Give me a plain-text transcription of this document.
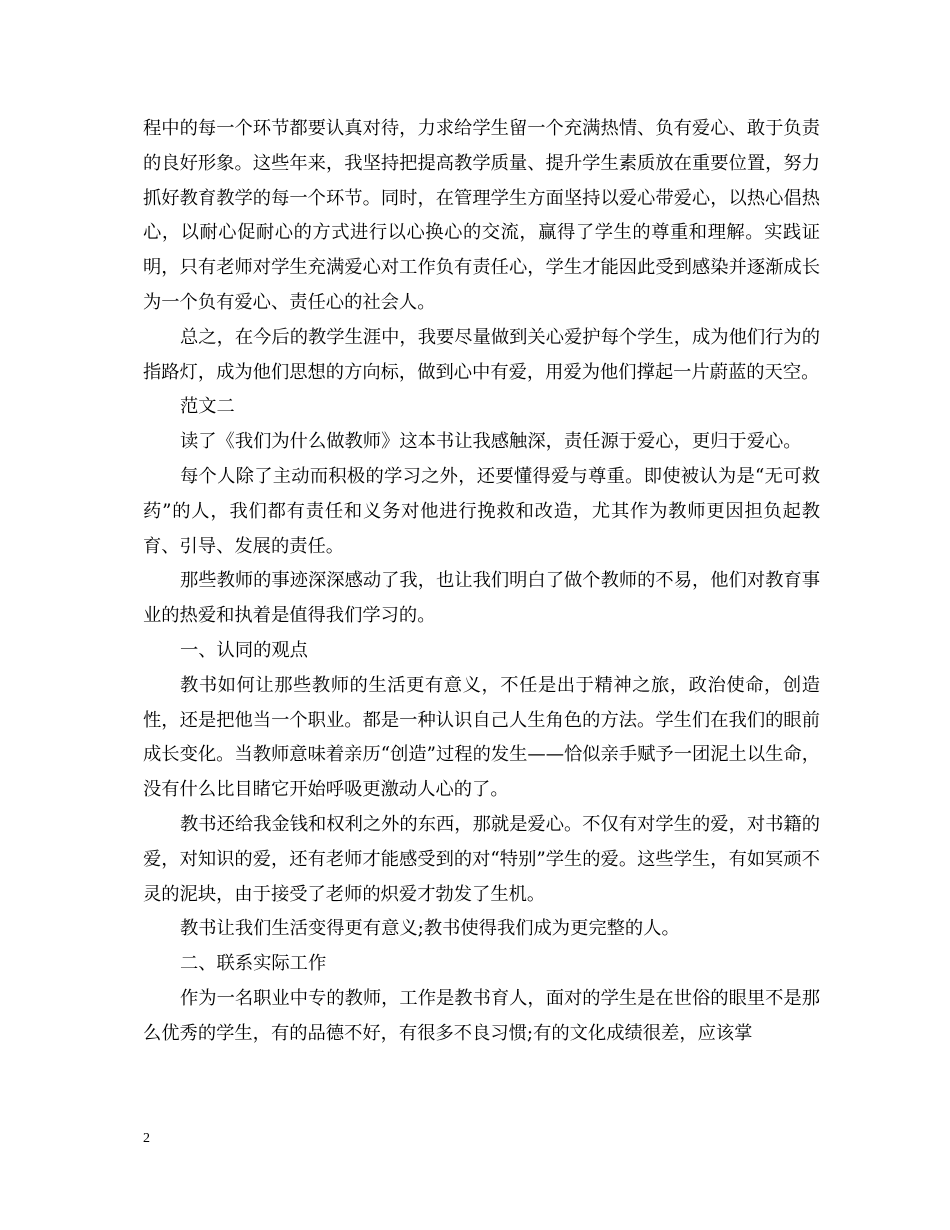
程中的每一个环节都要认真对待，力求给学生留一个充满热情、负有爱心、敢于负责的良好形象。这些年来，我坚持把提高教学质量、提升学生素质放在重要位置，努力抓好教育教学的每一个环节。同时，在管理学生方面坚持以爱心带爱心，以热心倡热心，以耐心促耐心的方式进行以心换心的交流，赢得了学生的尊重和理解。实践证明，只有老师对学生充满爱心对工作负有责任心，学生才能因此受到感染并逐渐成长为一个负有爱心、责任心的社会人。

总之，在今后的教学生涯中，我要尽量做到关心爱护每个学生，成为他们行为的指路灯，成为他们思想的方向标，做到心中有爱，用爱为他们撑起一片蔚蓝的天空。

范文二

读了《我们为什么做教师》这本书让我感触深，责任源于爱心，更归于爱心。

每个人除了主动而积极的学习之外，还要懂得爱与尊重。即使被认为是“无可救药”的人，我们都有责任和义务对他进行挽救和改造，尤其作为教师更因担负起教育、引导、发展的责任。

那些教师的事迹深深感动了我，也让我们明白了做个教师的不易，他们对教育事业的热爱和执着是值得我们学习的。

一、认同的观点

教书如何让那些教师的生活更有意义，不任是出于精神之旅，政治使命，创造性，还是把他当一个职业。都是一种认识自己人生角色的方法。学生们在我们的眼前成长变化。当教师意味着亲历“创造”过程的发生——恰似亲手赋予一团泥土以生命，没有什么比目睹它开始呼吸更激动人心的了。

教书还给我金钱和权利之外的东西，那就是爱心。不仅有对学生的爱，对书籍的爱，对知识的爱，还有老师才能感受到的对“特别”学生的爱。这些学生，有如冥顽不灵的泥块，由于接受了老师的炽爱才勃发了生机。

教书让我们生活变得更有意义;教书使得我们成为更完整的人。

二、联系实际工作

作为一名职业中专的教师，工作是教书育人，面对的学生是在世俗的眼里不是那么优秀的学生，有的品德不好，有很多不良习惯;有的文化成绩很差，应该掌

2
